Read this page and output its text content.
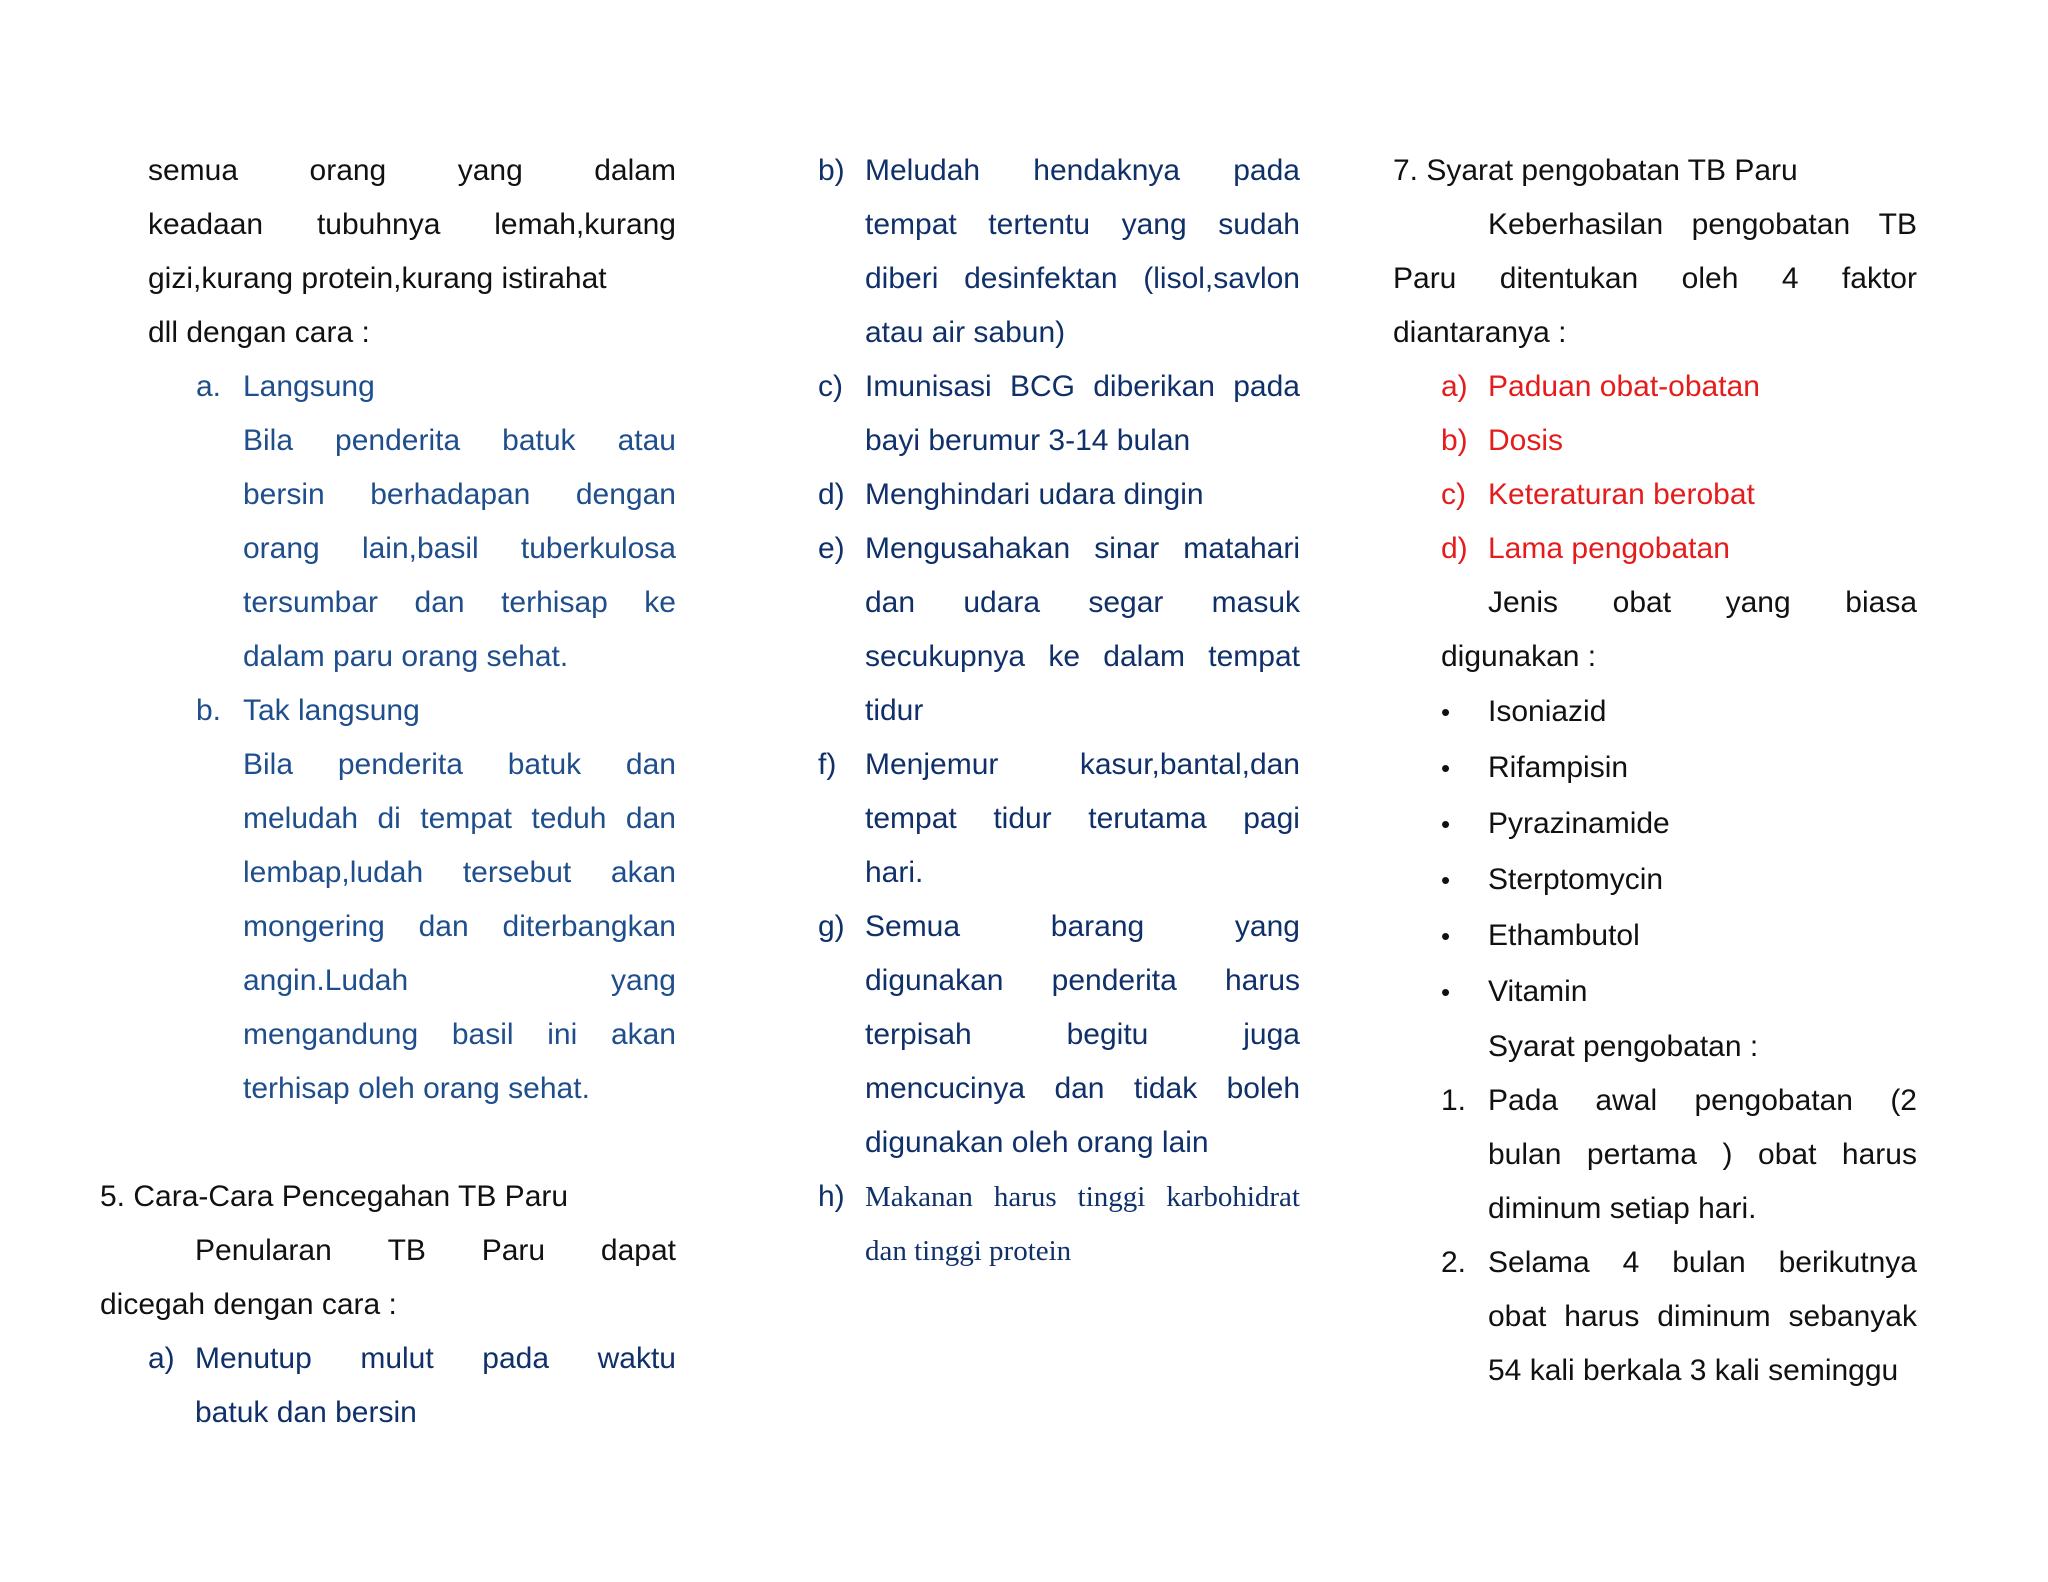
semua orang yang dalam
keadaan tubuhnya lemah,kurang
gizi,kurang protein,kurang istirahat
dll dengan cara :
a. Langsung
Bila penderita batuk atau
bersin berhadapan dengan
orang lain,basil tuberkulosa
tersumbar dan terhisap ke
dalam paru orang sehat.
b. Tak langsung
Bila penderita batuk dan
meludah di tempat teduh dan
lembap,ludah tersebut akan
mongering dan diterbangkan
angin.Ludah	yang
mengandung basil ini akan
terhisap oleh orang sehat.
5. Cara-Cara Pencegahan TB Paru
Penularan TB Paru dapat
dicegah dengan cara :
a) Menutup mulut pada waktu
batuk dan bersin
b) Meludah hendaknya pada
tempat tertentu yang sudah
diberi desinfektan (lisol,savlon
atau air sabun)
c) Imunisasi BCG diberikan pada
bayi berumur 3-14 bulan
d) Menghindari udara dingin
e) Mengusahakan sinar matahari
dan udara segar masuk
secukupnya ke dalam tempat
tidur
f) Menjemur	kasur,bantal,dan
tempat tidur terutama pagi
hari.
g) Semua	barang	yang
digunakan penderita harus
terpisah	begitu	juga
mencucinya dan tidak boleh
digunakan oleh orang lain
h) Makanan harus tinggi karbohidrat
dan tinggi protein
7. Syarat pengobatan TB Paru
Keberhasilan pengobatan TB
Paru ditentukan oleh 4 faktor
diantaranya :
a) Paduan obat-obatan
b) Dosis
c) Keteraturan berobat
d) Lama pengobatan
Jenis obat yang biasa
digunakan :
•	Isoniazid
•	Rifampisin
•	Pyrazinamide
•	Sterptomycin
•	Ethambutol
•	Vitamin
Syarat pengobatan :
1. Pada awal pengobatan (2
bulan pertama ) obat harus
diminum setiap hari.
2. Selama 4 bulan berikutnya
obat harus diminum sebanyak
54 kali berkala 3 kali seminggu
